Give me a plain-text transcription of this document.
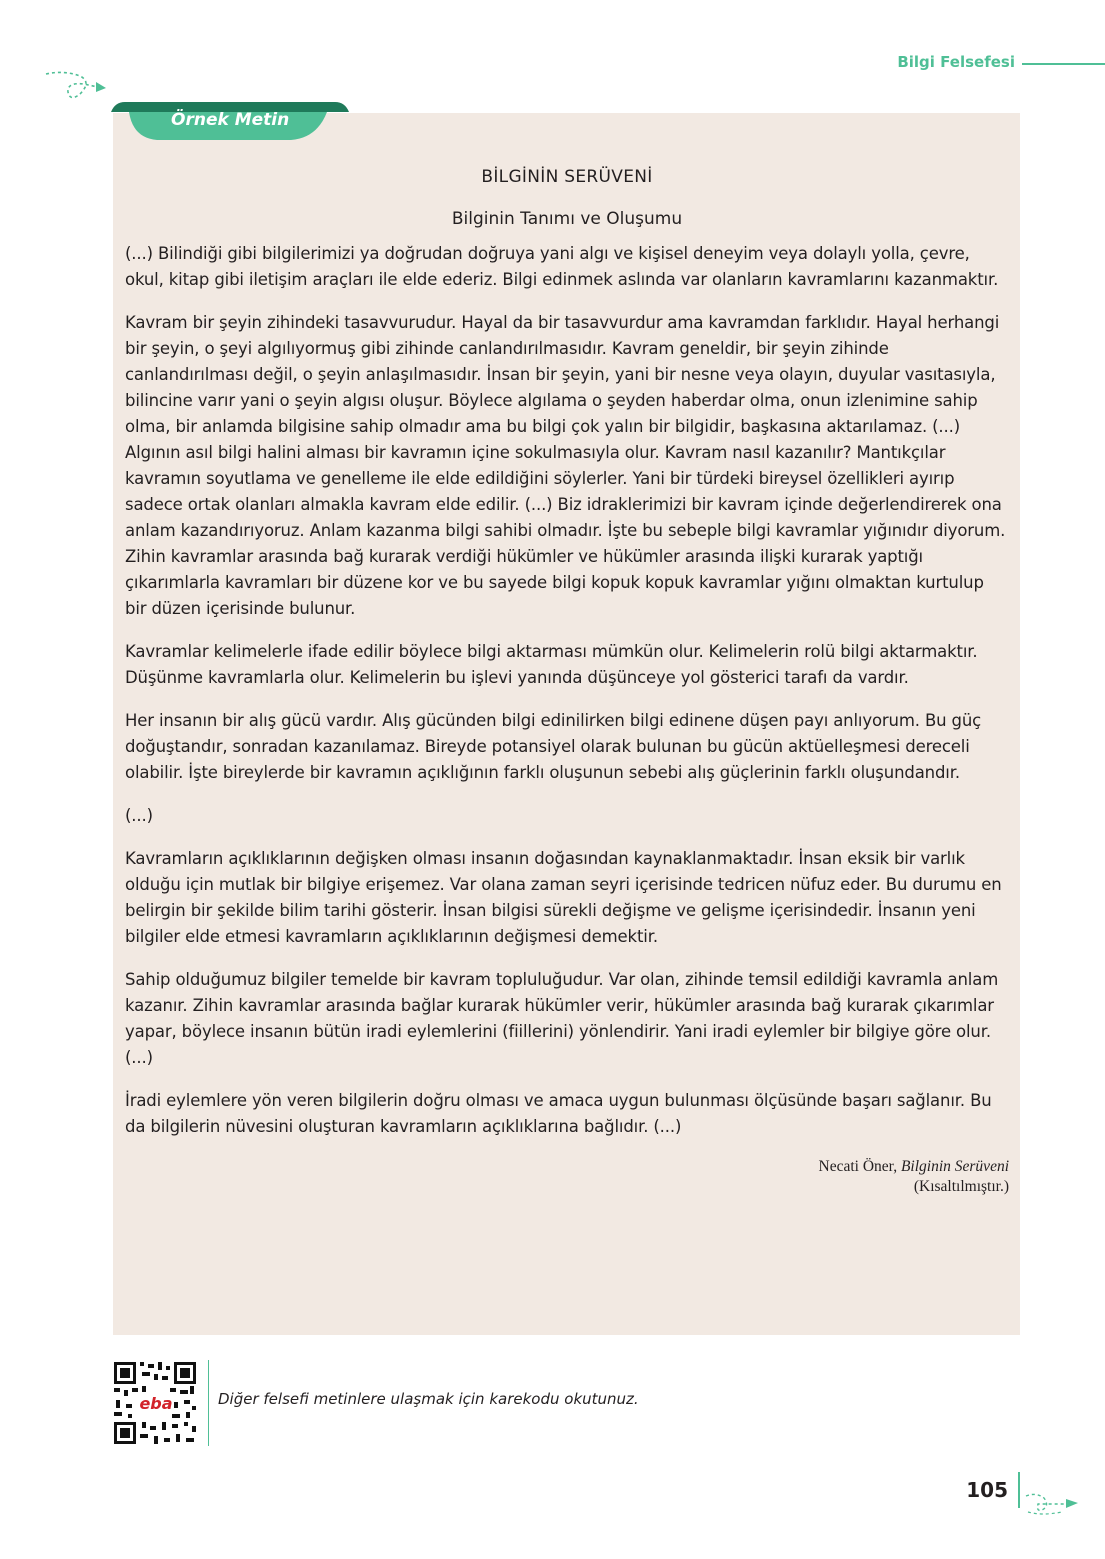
Bilgi Felsefesi
Örnek Metin
BİLGİNİN SERÜVENİ
Bilginin Tanımı ve Oluşumu

(...) Bilindiği gibi bilgilerimizi ya doğrudan doğruya yani algı ve kişisel deneyim veya dolaylı yolla, çevre, okul, kitap gibi iletişim araçları ile elde ederiz. Bilgi edinmek aslında var olanların kavramlarını kazanmaktır.

Kavram bir şeyin zihindeki tasavvurudur. Hayal da bir tasavvurdur ama kavramdan farklıdır. Hayal herhangi bir şeyin, o şeyi algılıyormuş gibi zihinde canlandırılmasıdır. Kavram geneldir, bir şeyin zihinde canlandırılması değil, o şeyin anlaşılmasıdır. İnsan bir şeyin, yani bir nesne veya olayın, duyular vasıtasıyla, bilincine varır yani o şeyin algısı oluşur. Böylece algılama o şeyden haberdar olma, onun izlenimine sahip olma, bir anlamda bilgisine sahip olmadır ama bu bilgi çok yalın bir bilgidir, başkasına aktarılamaz. (...) Algının asıl bilgi halini alması bir kavramın içine sokulmasıyla olur. Kavram nasıl kazanılır? Mantıkçılar kavramın soyutlama ve genelleme ile elde edildiğini söylerler. Yani bir türdeki bireysel özellikleri ayırıp sadece ortak olanları almakla kavram elde edilir. (...) Biz idraklerimizi bir kavram içinde değerlendirerek ona anlam kazandırıyoruz. Anlam kazanma bilgi sahibi olmadır. İşte bu sebeple bilgi kavramlar yığınıdır diyorum. Zihin kavramlar arasında bağ kurarak verdiği hükümler ve hükümler arasında ilişki kurarak yaptığı çıkarımlarla kavramları bir düzene kor ve bu sayede bilgi kopuk kopuk kavramlar yığını olmaktan kurtulup bir düzen içerisinde bulunur.

Kavramlar kelimelerle ifade edilir böylece bilgi aktarması mümkün olur. Kelimelerin rolü bilgi aktarmaktır. Düşünme kavramlarla olur. Kelimelerin bu işlevi yanında düşünceye yol gösterici tarafı da vardır.

Her insanın bir alış gücü vardır. Alış gücünden bilgi edinilirken bilgi edinene düşen payı anlıyorum. Bu güç doğuştandır, sonradan kazanılamaz. Bireyde potansiyel olarak bulunan bu gücün aktüelleşmesi dereceli olabilir. İşte bireylerde bir kavramın açıklığının farklı oluşunun sebebi alış güçlerinin farklı oluşundandır.

(...)

Kavramların açıklıklarının değişken olması insanın doğasından kaynaklanmaktadır. İnsan eksik bir varlık olduğu için mutlak bir bilgiye erişemez. Var olana zaman seyri içerisinde tedricen nüfuz eder. Bu durumu en belirgin bir şekilde bilim tarihi gösterir. İnsan bilgisi sürekli değişme ve gelişme içerisindedir. İnsanın yeni bilgiler elde etmesi kavramların açıklıklarının değişmesi demektir.

Sahip olduğumuz bilgiler temelde bir kavram topluluğudur. Var olan, zihinde temsil edildiği kavramla anlam kazanır. Zihin kavramlar arasında bağlar kurarak hükümler verir, hükümler arasında bağ kurarak çıkarımlar yapar, böylece insanın bütün iradi eylemlerini (fiillerini) yönlendirir. Yani iradi eylemler bir bilgiye göre olur. (...)

İradi eylemlere yön veren bilgilerin doğru olması ve amaca uygun bulunması ölçüsünde başarı sağlanır. Bu da bilgilerin nüvesini oluşturan kavramların açıklıklarına bağlıdır. (...)

Necati Öner, Bilginin Serüveni
(Kısaltılmıştır.)
eba	Diğer felsefi metinlere ulaşmak için karekodu okutunuz.
105
